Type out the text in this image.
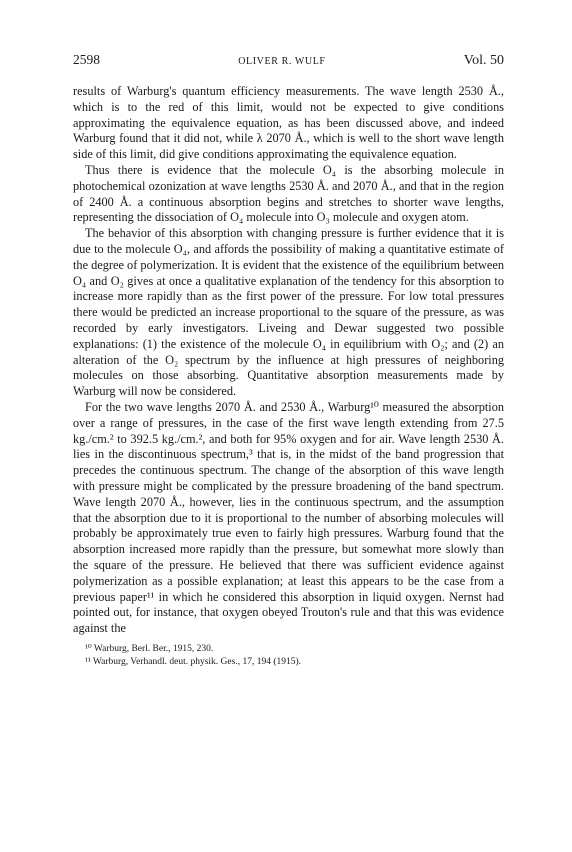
2598	OLIVER R. WULF	Vol. 50

results of Warburg's quantum efficiency measurements. The wave length 2530 Å., which is to the red of this limit, would not be expected to give conditions approximating the equivalence equation, as has been discussed above, and indeed Warburg found that it did not, while λ 2070 Å., which is well to the short wave length side of this limit, did give conditions approximating the equivalence equation.

Thus there is evidence that the molecule O₄ is the absorbing molecule in photochemical ozonization at wave lengths 2530 Å. and 2070 Å., and that in the region of 2400 Å. a continuous absorption begins and stretches to shorter wave lengths, representing the dissociation of O₄ molecule into O₃ molecule and oxygen atom.

The behavior of this absorption with changing pressure is further evidence that it is due to the molecule O₄, and affords the possibility of making a quantitative estimate of the degree of polymerization. It is evident that the existence of the equilibrium between O₄ and O₂ gives at once a qualitative explanation of the tendency for this absorption to increase more rapidly than as the first power of the pressure. For low total pressures there would be predicted an increase proportional to the square of the pressure, as was recorded by early investigators. Liveing and Dewar suggested two possible explanations: (1) the existence of the molecule O₄ in equilibrium with O₂; and (2) an alteration of the O₂ spectrum by the influence at high pressures of neighboring molecules on those absorbing. Quantitative absorption measurements made by Warburg will now be considered.

For the two wave lengths 2070 Å. and 2530 Å., Warburg¹⁰ measured the absorption over a range of pressures, in the case of the first wave length extending from 27.5 kg./cm.² to 392.5 kg./cm.², and both for 95% oxygen and for air. Wave length 2530 Å. lies in the discontinuous spectrum,³ that is, in the midst of the band progression that precedes the continuous spectrum. The change of the absorption of this wave length with pressure might be complicated by the pressure broadening of the band spectrum. Wave length 2070 Å., however, lies in the continuous spectrum, and the assumption that the absorption due to it is proportional to the number of absorbing molecules will probably be approximately true even to fairly high pressures. Warburg found that the absorption increased more rapidly than the pressure, but somewhat more slowly than the square of the pressure. He believed that there was sufficient evidence against polymerization as a possible explanation; at least this appears to be the case from a previous paper¹¹ in which he considered this absorption in liquid oxygen. Nernst had pointed out, for instance, that oxygen obeyed Trouton's rule and that this was evidence against the

¹⁰ Warburg, Berl. Ber., 1915, 230.

¹¹ Warburg, Verhandl. deut. physik. Ges., 17, 194 (1915).
